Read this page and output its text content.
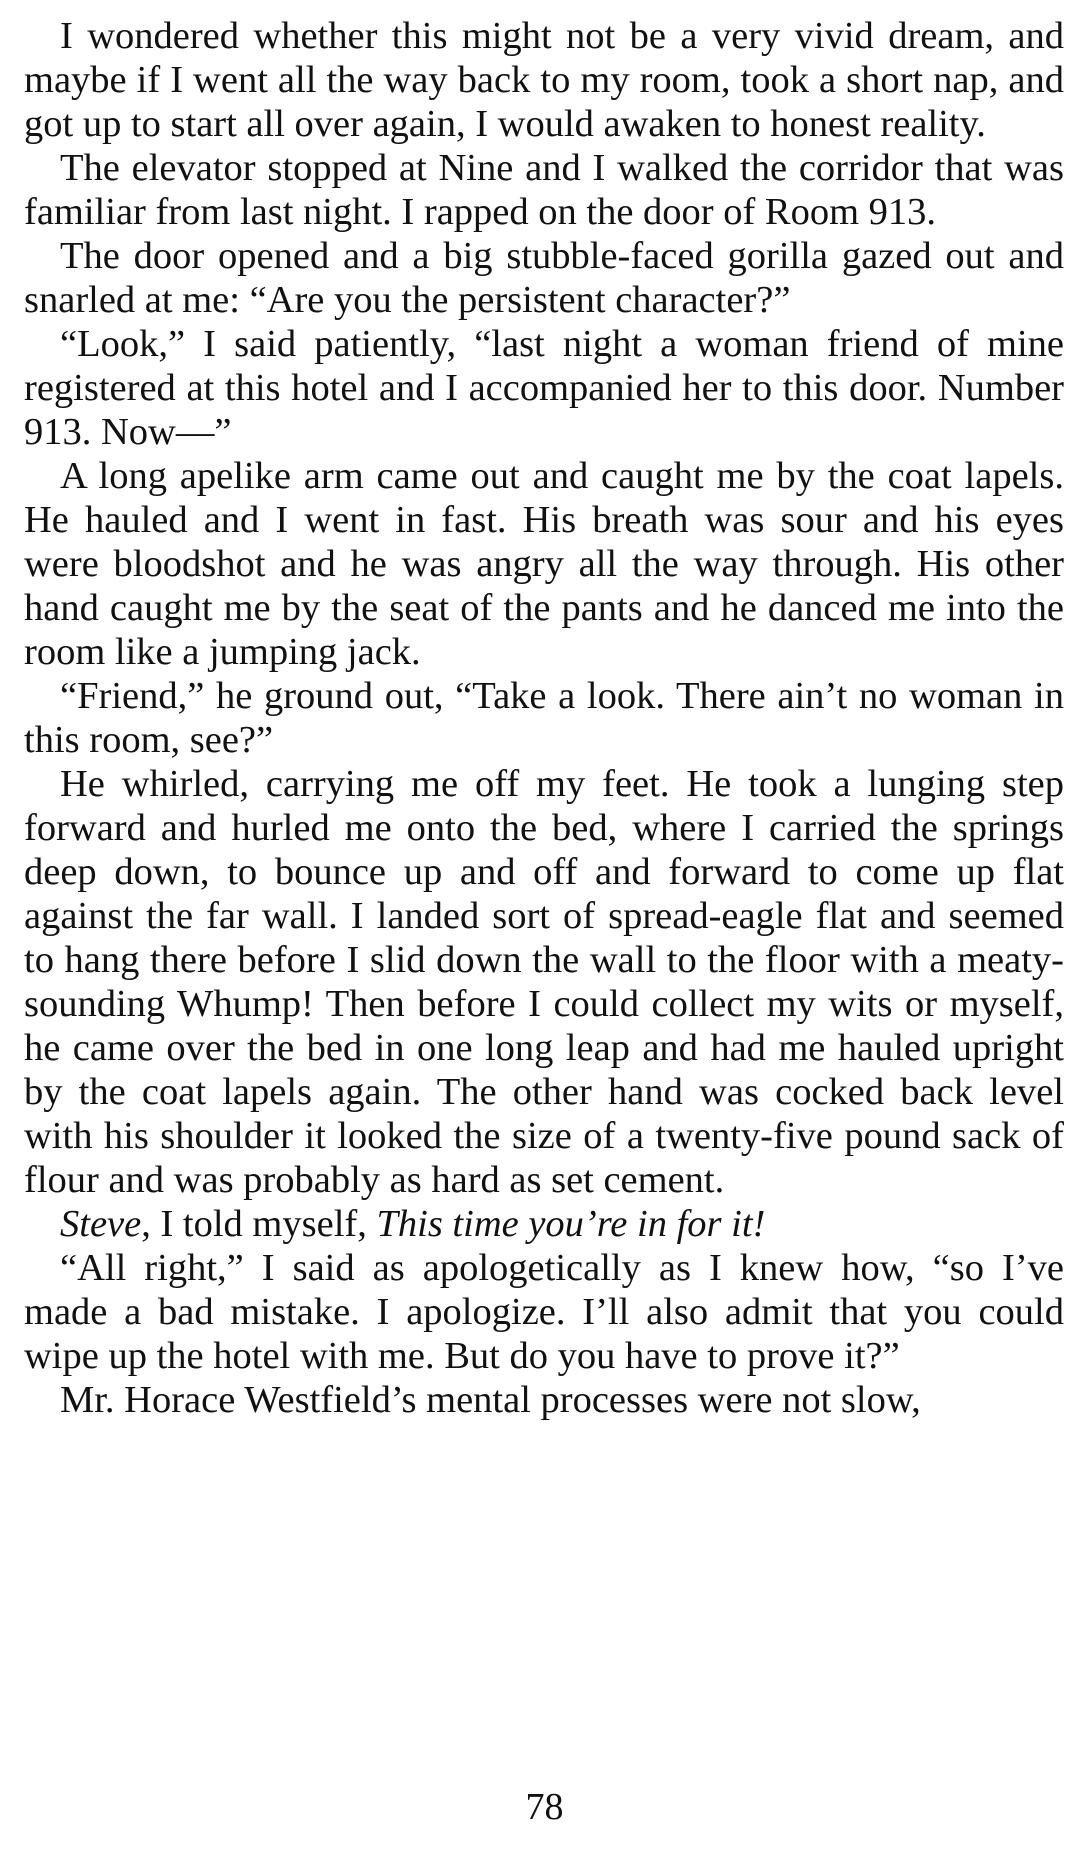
I wondered whether this might not be a very vivid dream, and maybe if I went all the way back to my room, took a short nap, and got up to start all over again, I would awaken to honest reality.

The elevator stopped at Nine and I walked the corridor that was familiar from last night. I rapped on the door of Room 913.

The door opened and a big stubble-faced gorilla gazed out and snarled at me: “Are you the persistent character?”

“Look,” I said patiently, “last night a woman friend of mine registered at this hotel and I accompanied her to this door. Number 913. Now—”

A long apelike arm came out and caught me by the coat lapels. He hauled and I went in fast. His breath was sour and his eyes were bloodshot and he was angry all the way through. His other hand caught me by the seat of the pants and he danced me into the room like a jumping jack.

“Friend,” he ground out, “Take a look. There ain’t no woman in this room, see?”

He whirled, carrying me off my feet. He took a lunging step forward and hurled me onto the bed, where I carried the springs deep down, to bounce up and off and forward to come up flat against the far wall. I landed sort of spread-eagle flat and seemed to hang there before I slid down the wall to the floor with a meaty-sounding Whump! Then before I could collect my wits or myself, he came over the bed in one long leap and had me hauled upright by the coat lapels again. The other hand was cocked back level with his shoulder it looked the size of a twenty-five pound sack of flour and was probably as hard as set cement.

Steve, I told myself, This time you’re in for it!

“All right,” I said as apologetically as I knew how, “so I’ve made a bad mistake. I apologize. I’ll also admit that you could wipe up the hotel with me. But do you have to prove it?”

Mr. Horace Westfield’s mental processes were not slow,

78
